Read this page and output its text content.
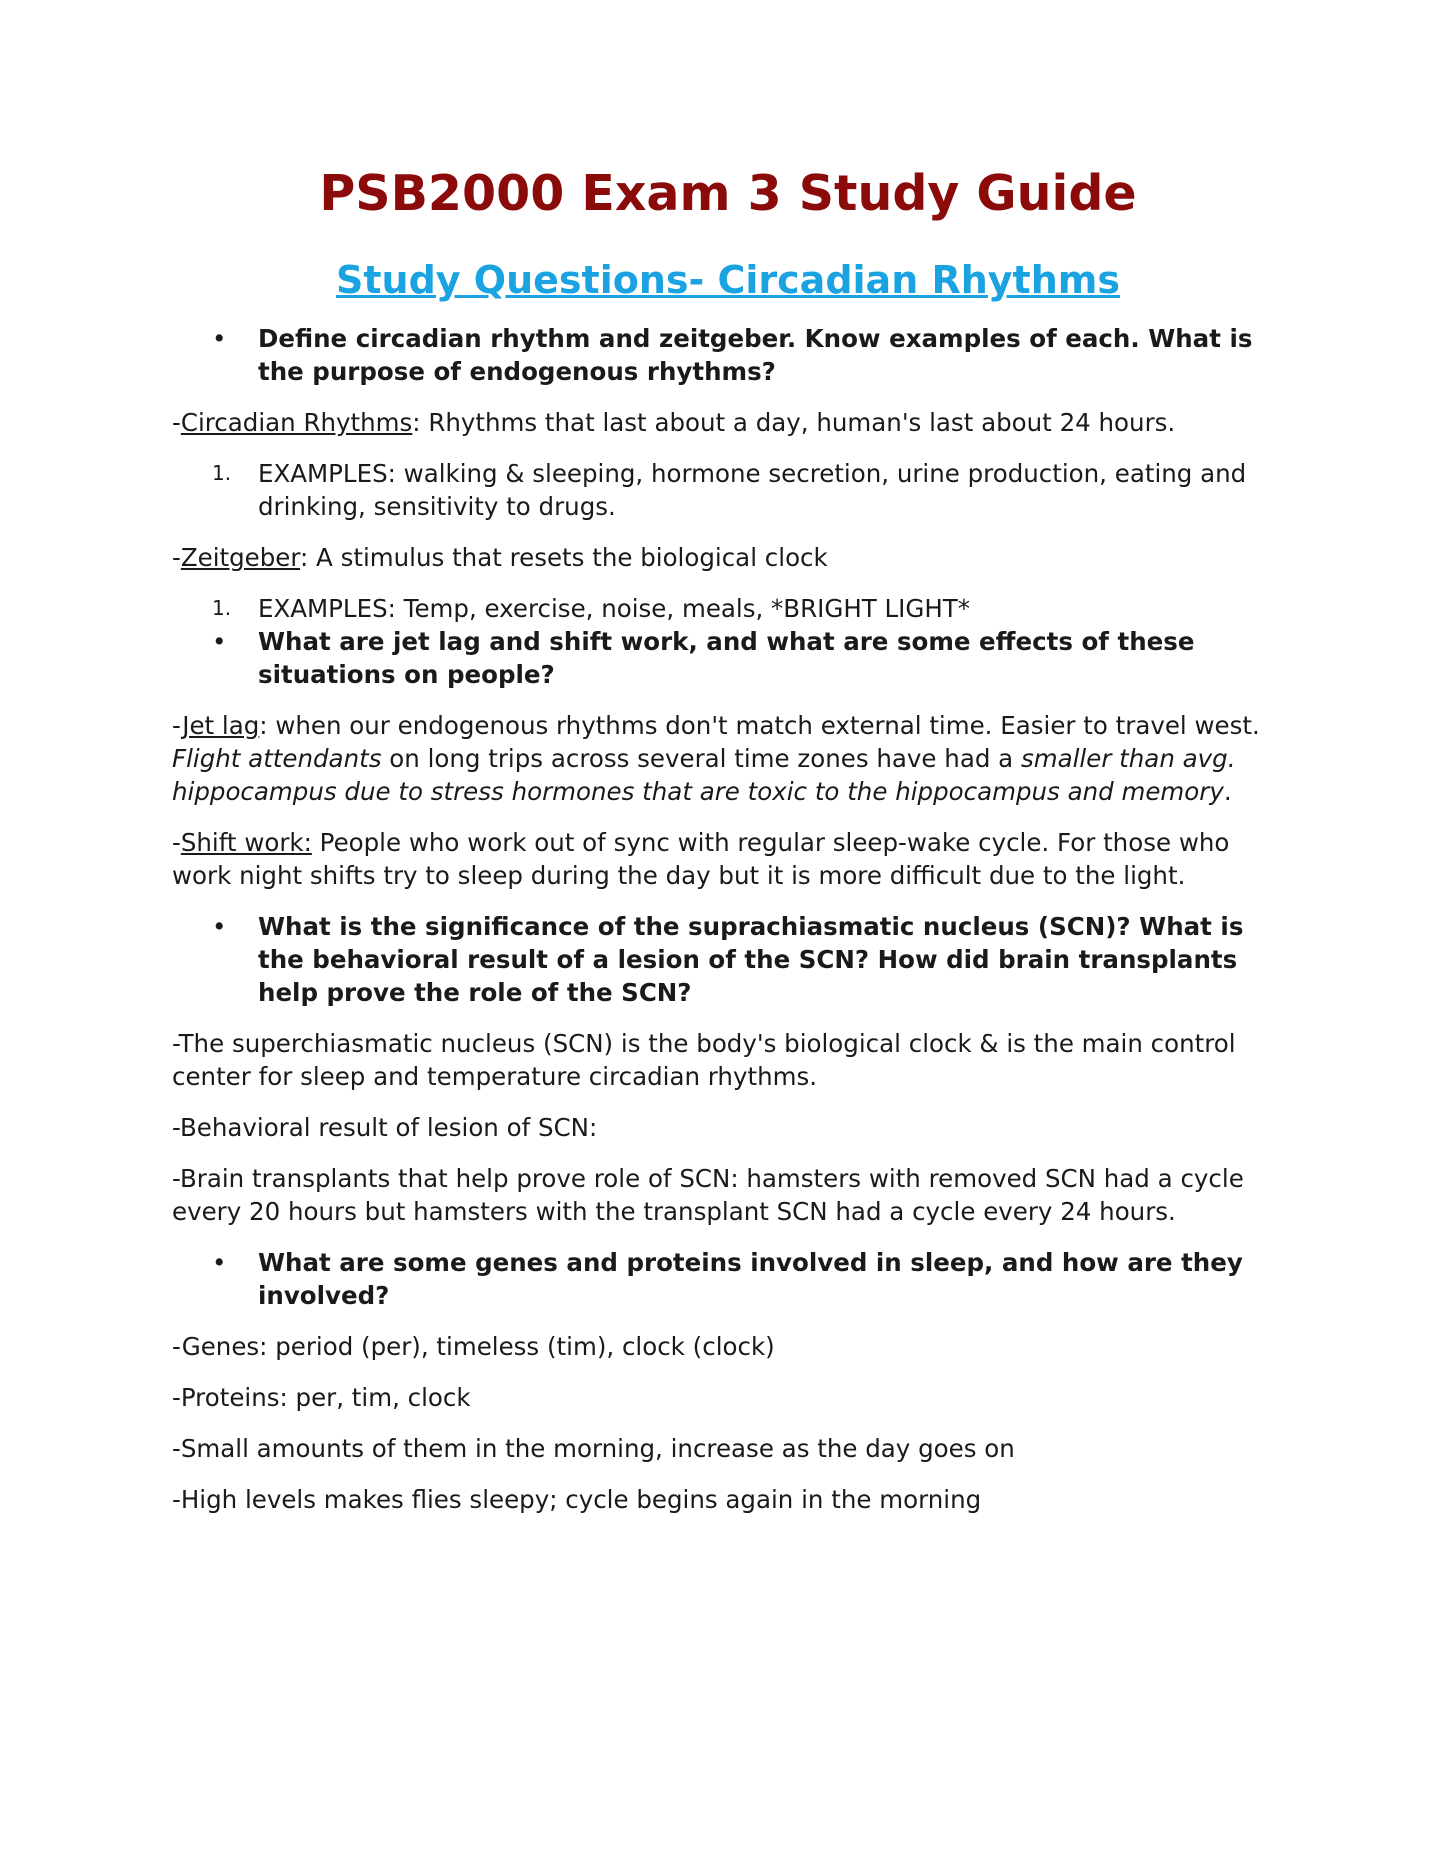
PSB2000 Exam 3 Study Guide
Study Questions- Circadian Rhythms
• Define circadian rhythm and zeitgeber. Know examples of each. What is the purpose of endogenous rhythms?

-Circadian Rhythms: Rhythms that last about a day, human's last about 24 hours.

1. EXAMPLES: walking & sleeping, hormone secretion, urine production, eating and drinking, sensitivity to drugs.

-Zeitgeber: A stimulus that resets the biological clock

1. EXAMPLES: Temp, exercise, noise, meals, *BRIGHT LIGHT*
• What are jet lag and shift work, and what are some effects of these situations on people?

-Jet lag: when our endogenous rhythms don't match external time. Easier to travel west. Flight attendants on long trips across several time zones have had a smaller than avg. hippocampus due to stress hormones that are toxic to the hippocampus and memory.

-Shift work: People who work out of sync with regular sleep-wake cycle. For those who work night shifts try to sleep during the day but it is more difficult due to the light.

• What is the significance of the suprachiasmatic nucleus (SCN)? What is the behavioral result of a lesion of the SCN? How did brain transplants help prove the role of the SCN?

-The superchiasmatic nucleus (SCN) is the body's biological clock & is the main control center for sleep and temperature circadian rhythms.

-Behavioral result of lesion of SCN:

-Brain transplants that help prove role of SCN: hamsters with removed SCN had a cycle every 20 hours but hamsters with the transplant SCN had a cycle every 24 hours.

• What are some genes and proteins involved in sleep, and how are they involved?

-Genes: period (per), timeless (tim), clock (clock)

-Proteins: per, tim, clock

-Small amounts of them in the morning, increase as the day goes on

-High levels makes flies sleepy; cycle begins again in the morning
